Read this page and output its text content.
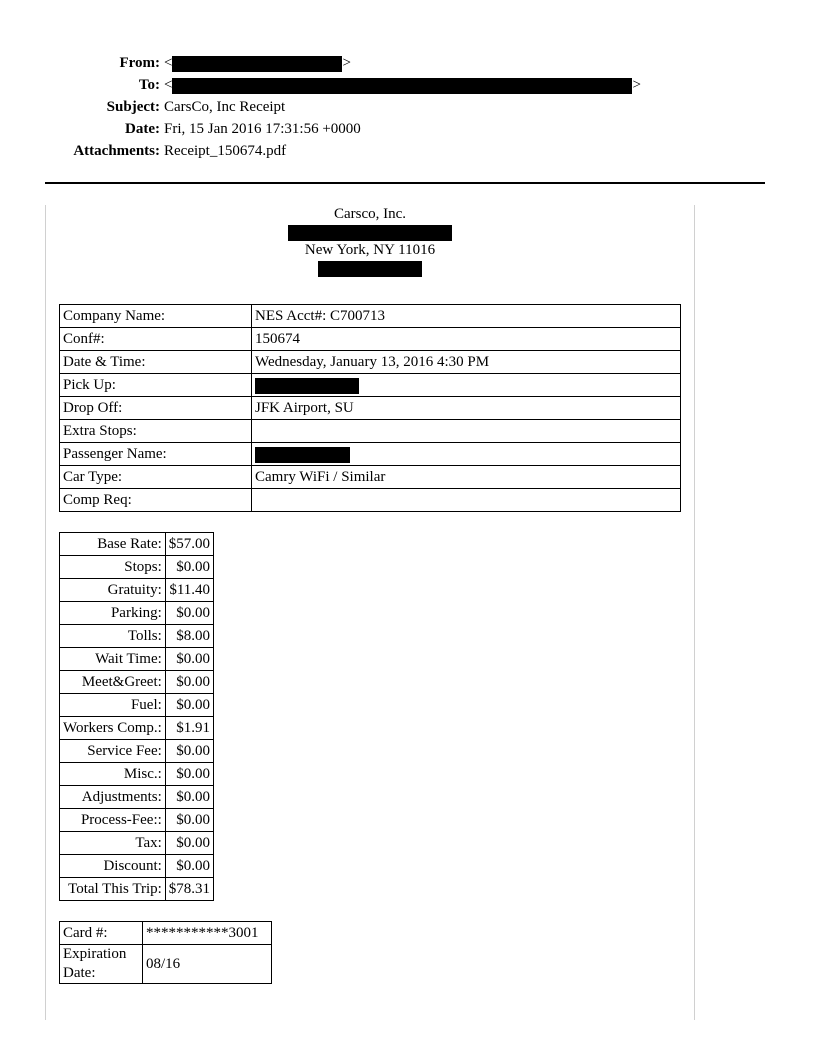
From: <	>
To: <	>
Subject: CarsCo, Inc Receipt
Date: Fri, 15 Jan 2016 17:31:56 +0000
Attachments: Receipt_150674.pdf
Carsco, Inc.
New York, NY 11016
Company Name:	NES Acct#: C700713
Conf#:	150674
Date & Time:	Wednesday, January 13, 2016 4:30 PM
Pick Up:	
Drop Off:	JFK Airport, SU
Extra Stops:	
Passenger Name:	
Car Type:	Camry WiFi / Similar
Comp Req:	
Base Rate:	$57.00
Stops:	$0.00
Gratuity:	$11.40
Parking:	$0.00
Tolls:	$8.00
Wait Time:	$0.00
Meet&Greet:	$0.00
Fuel:	$0.00
Workers Comp.:	$1.91
Service Fee:	$0.00
Misc.:	$0.00
Adjustments:	$0.00
Process-Fee::	$0.00
Tax:	$0.00
Discount:	$0.00
Total This Trip:	$78.31
Card #:	***********3001
Expiration Date:	08/16
